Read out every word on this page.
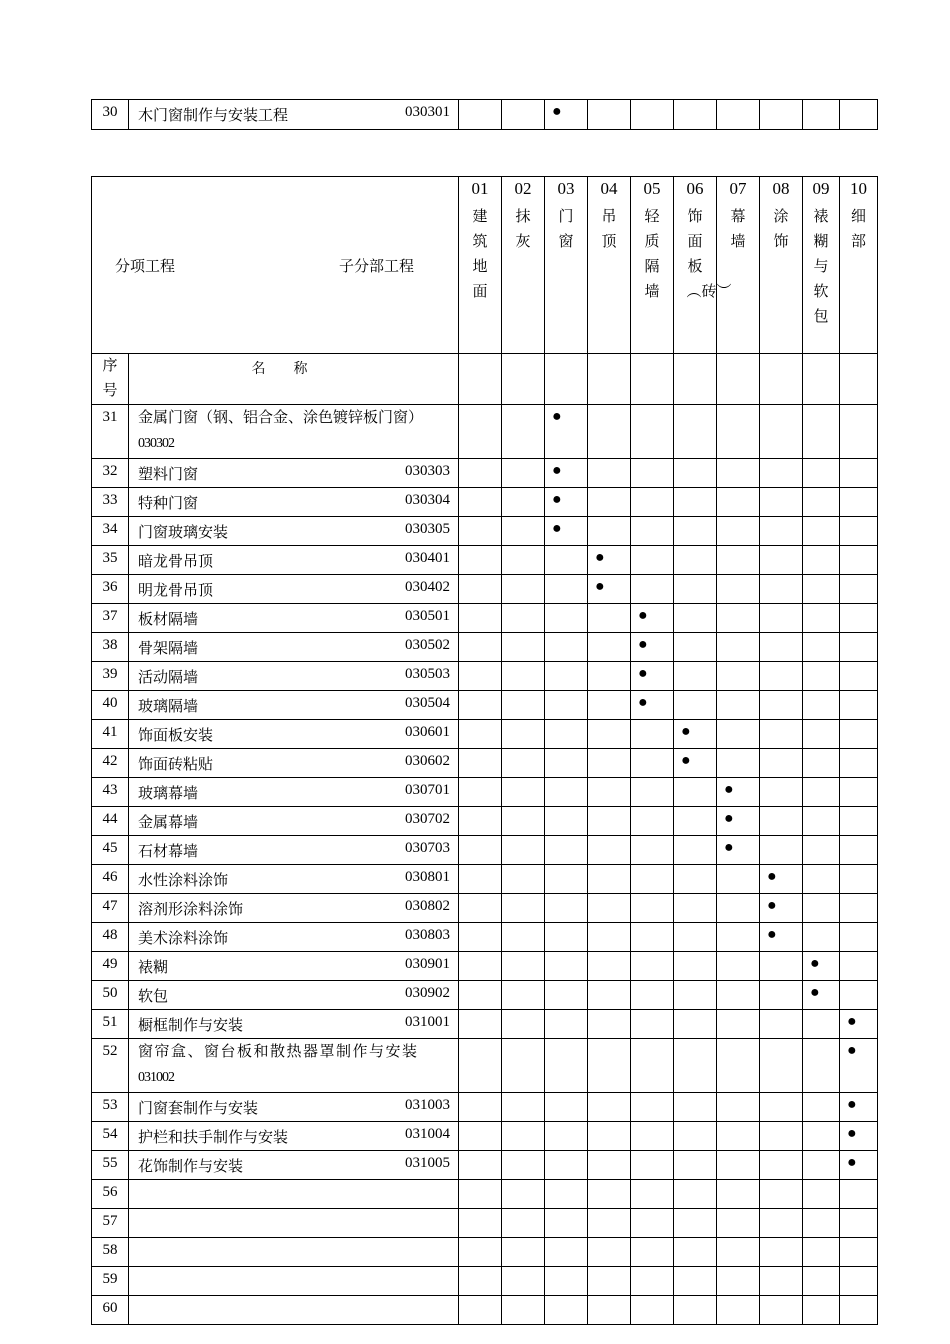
30	木门窗制作与安装工程	030301			●							
分项工程 子分部工程		01	02	03	04	05	06	07	08	09	10

		建筑地面	抹灰	门窗	吊顶	轻质隔墙	饰面板︵砖︶	幕墙	涂饰	裱糊与软包	细部

序号	名称										
31	金属门窗（钢、铝合金、涂色镀锌板门窗）
030302			●							
32	塑料门窗 030303			●							
33	特种门窗 030304			●							
34	门窗玻璃安装 030305			●							
35	暗龙骨吊顶 030401				●						
36	明龙骨吊顶 030402				●						
37	板材隔墙 030501					●					
38	骨架隔墙 030502					●					
39	活动隔墙 030503					●					
40	玻璃隔墙 030504					●					
41	饰面板安装 030601						●				
42	饰面砖粘贴 030602						●				
43	玻璃幕墙 030701							●			
44	金属幕墙 030702							●			
45	石材幕墙 030703							●			
46	水性涂料涂饰 030801								●		
47	溶剂形涂料涂饰 030802								●		
48	美术涂料涂饰 030803								●		
49	裱糊 030901									●	
50	软包 030902									●	
51	橱框制作与安装 031001										●
52	窗帘盒、窗台板和散热器罩制作与安装
031002										●
53	门窗套制作与安装 031003										●
54	护栏和扶手制作与安装 031004										●
55	花饰制作与安装 031005										●
56	

57	

58	

59	

60	
